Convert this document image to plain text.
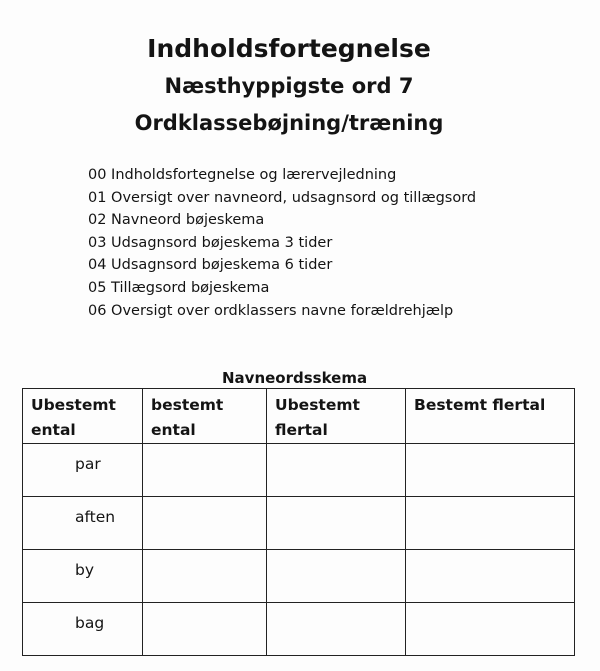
Indholdsfortegnelse
Næsthyppigste ord 7
Ordklassebøjning/træning
00 Indholdsfortegnelse og lærervejledning
01 Oversigt over navneord, udsagnsord og tillægsord
02 Navneord bøjeskema
03 Udsagnsord bøjeskema 3 tider
04 Udsagnsord bøjeskema 6 tider
05 Tillægsord bøjeskema
06 Oversigt over ordklassers navne forældrehjælp
Navneordsskema
Ubestemt ental	bestemt ental	Ubestemt flertal	Bestemt flertal
par			
aften			
by			
bag			
